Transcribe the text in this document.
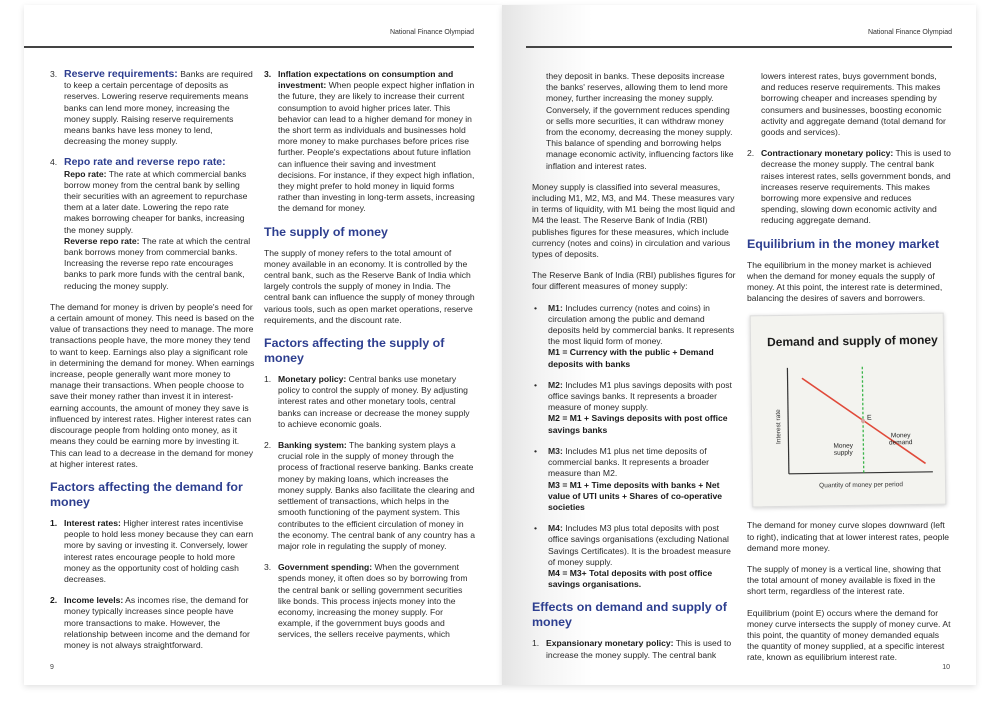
National Finance Olympiad
3. Reserve requirements: Banks are required to keep a certain percentage of deposits as reserves. Lowering reserve requirements means banks can lend more money, increasing the money supply. Raising reserve requirements means banks have less money to lend, decreasing the money supply.
4. Repo rate and reverse repo rate:
Repo rate: The rate at which commercial banks borrow money from the central bank by selling their securities with an agreement to repurchase them at a later date. Lowering the repo rate makes borrowing cheaper for banks, increasing the money supply.
Reverse repo rate: The rate at which the central bank borrows money from commercial banks. Increasing the reverse repo rate encourages banks to park more funds with the central bank, reducing the money supply.

The demand for money is driven by people's need for a certain amount of money. This need is based on the value of transactions they need to manage. The more transactions people have, the more money they tend to want to keep. Earnings also play a significant role in determining the demand for money. When earnings increase, people generally want more money to manage their transactions. When people choose to save their money rather than invest it in interest-earning accounts, the amount of money they save is influenced by interest rates. Higher interest rates can discourage people from holding onto money, as it means they could be earning more by investing it. This can lead to a decrease in the demand for money at higher interest rates.

Factors affecting the demand for money
1. Interest rates: Higher interest rates incentivise people to hold less money because they can earn more by saving or investing it. Conversely, lower interest rates encourage people to hold more money as the opportunity cost of holding cash decreases.
2. Income levels: As incomes rise, the demand for money typically increases since people have more transactions to make. However, the relationship between income and the demand for money is not always straightforward.
3. Inflation expectations on consumption and investment: When people expect higher inflation in the future, they are likely to increase their current consumption to avoid higher prices later. This behavior can lead to a higher demand for money in the short term as individuals and businesses hold more money to make purchases before prices rise further. People's expectations about future inflation can influence their saving and investment decisions. For instance, if they expect high inflation, they might prefer to hold money in liquid forms rather than investing in long-term assets, increasing the demand for money.
The supply of money

The supply of money refers to the total amount of money available in an economy. It is controlled by the central bank, such as the Reserve Bank of India which largely controls the supply of money in India. The central bank can influence the supply of money through various tools, such as open market operations, reserve requirements, and the discount rate.

Factors affecting the supply of money
1. Monetary policy: Central banks use monetary policy to control the supply of money. By adjusting interest rates and other monetary tools, central banks can increase or decrease the money supply to achieve economic goals.
2. Banking system: The banking system plays a crucial role in the supply of money through the process of fractional reserve banking. Banks create money by making loans, which increases the money supply. Banks also facilitate the clearing and settlement of transactions, which helps in the smooth functioning of the payment system. This contributes to the efficient circulation of money in the economy. The central bank of any country has a major role in regulating the supply of money.
3. Government spending: When the government spends money, it often does so by borrowing from the central bank or selling government securities like bonds. This process injects money into the economy, increasing the money supply. For example, if the government buys goods and services, the sellers receive payments, which
9
National Finance Olympiad
they deposit in banks. These deposits increase the banks' reserves, allowing them to lend more money, further increasing the money supply. Conversely, if the government reduces spending or sells more securities, it can withdraw money from the economy, decreasing the money supply. This balance of spending and borrowing helps manage economic activity, influencing factors like inflation and interest rates.

Money supply is classified into several measures, including M1, M2, M3, and M4. These measures vary in terms of liquidity, with M1 being the most liquid and M4 the least. The Reserve Bank of India (RBI) publishes figures for these measures, which include currency (notes and coins) in circulation and various types of deposits.

The Reserve Bank of India (RBI) publishes figures for four different measures of money supply:

•	M1: Includes currency (notes and coins) in circulation among the public and demand deposits held by commercial banks. It represents the most liquid form of money.
M1 = Currency with the public + Demand deposits with banks
•	M2: Includes M1 plus savings deposits with post office savings banks. It represents a broader measure of money supply.
M2 = M1 + Savings deposits with post office savings banks
•	M3: Includes M1 plus net time deposits of commercial banks. It represents a broader measure than M2.
M3 = M1 + Time deposits with banks + Net value of UTI units + Shares of co-operative societies
•	M4: Includes M3 plus total deposits with post office savings organisations (excluding National Savings Certificates). It is the broadest measure of money supply.
M4 = M3+ Total deposits with post office savings organisations.
Effects on demand and supply of money
1. Expansionary monetary policy: This is used to increase the money supply. The central bank
lowers interest rates, buys government bonds, and reduces reserve requirements. This makes borrowing cheaper and increases spending by consumers and businesses, boosting economic activity and aggregate demand (total demand for goods and services).
2. Contractionary monetary policy: This is used to decrease the money supply. The central bank raises interest rates, sells government bonds, and increases reserve requirements. This makes borrowing more expensive and reduces spending, slowing down economic activity and reducing aggregate demand.
Equilibrium in the money market

The equilibrium in the money market is achieved when the demand for money equals the supply of money. At this point, the interest rate is determined, balancing the desires of savers and borrowers.

Demand and supply of money
Interest rate
Quantity of money per period
E
Moneydemand
Moneysupply

The demand for money curve slopes downward (left to right), indicating that at lower interest rates, people demand more money.

The supply of money is a vertical line, showing that the total amount of money available is fixed in the short term, regardless of the interest rate.

Equilibrium (point E) occurs where the demand for money curve intersects the supply of money curve. At this point, the quantity of money demanded equals the quantity of money supplied, at a specific interest rate, known as equilibrium interest rate.

10
